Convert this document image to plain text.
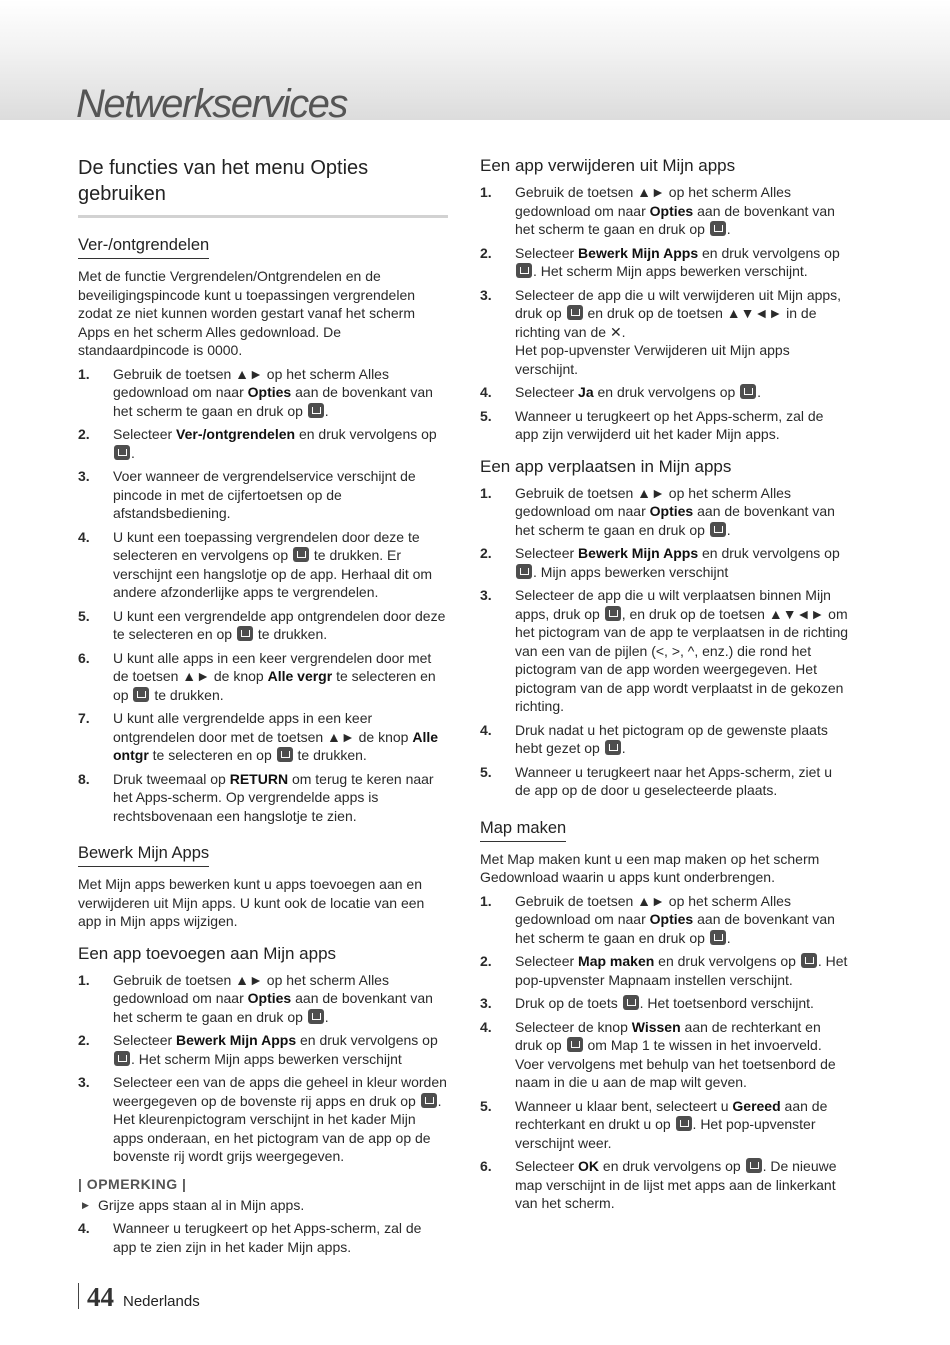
Netwerkservices
De functies van het menu Opties gebruiken
Ver-/ontgrendelen

Met de functie Vergrendelen/Ontgrendelen en de beveiligingspincode kunt u toepassingen vergrendelen zodat ze niet kunnen worden gestart vanaf het scherm Apps en het scherm Alles gedownload. De standaardpincode is 0000.

1. Gebruik de toetsen ▲► op het scherm Alles gedownload om naar Opties aan de bovenkant van het scherm te gaan en druk op .
2. Selecteer Ver-/ontgrendelen en druk vervolgens op .
3. Voer wanneer de vergrendelservice verschijnt de pincode in met de cijfertoetsen op de afstandsbediening.
4. U kunt een toepassing vergrendelen door deze te selecteren en vervolgens op  te drukken. Er verschijnt een hangslotje op de app. Herhaal dit om andere afzonderlijke apps te vergrendelen.
5. U kunt een vergrendelde app ontgrendelen door deze te selecteren en op  te drukken.
6. U kunt alle apps in een keer vergrendelen door met de toetsen ▲► de knop Alle vergr te selecteren en op  te drukken.
7. U kunt alle vergrendelde apps in een keer ontgrendelen door met de toetsen ▲► de knop Alle ontgr te selecteren en op  te drukken.
8. Druk tweemaal op RETURN om terug te keren naar het Apps-scherm. Op vergrendelde apps is rechtsbovenaan een hangslotje te zien.
Bewerk Mijn Apps

Met Mijn apps bewerken kunt u apps toevoegen aan en verwijderen uit Mijn apps. U kunt ook de locatie van een app in Mijn apps wijzigen.

Een app toevoegen aan Mijn apps
1. Gebruik de toetsen ▲► op het scherm Alles gedownload om naar Opties aan de bovenkant van het scherm te gaan en druk op .
2. Selecteer Bewerk Mijn Apps en druk vervolgens op . Het scherm Mijn apps bewerken verschijnt
3. Selecteer een van de apps die geheel in kleur worden weergegeven op de bovenste rij apps en druk op . Het kleurenpictogram verschijnt in het kader Mijn apps onderaan, en het pictogram van de app op de bovenste rij wordt grijs weergegeven.
| OPMERKING |
▶ Grijze apps staan al in Mijn apps.
4. Wanneer u terugkeert op het Apps-scherm, zal de app te zien zijn in het kader Mijn apps.
Een app verwijderen uit Mijn apps
1. Gebruik de toetsen ▲► op het scherm Alles gedownload om naar Opties aan de bovenkant van het scherm te gaan en druk op .
2. Selecteer Bewerk Mijn Apps en druk vervolgens op . Het scherm Mijn apps bewerken verschijnt.
3. Selecteer de app die u wilt verwijderen uit Mijn apps, druk op  en druk op de toetsen ▲▼◄► in de richting van de ✕.
Het pop-upvenster Verwijderen uit Mijn apps verschijnt.
4. Selecteer Ja en druk vervolgens op .
5. Wanneer u terugkeert op het Apps-scherm, zal de app zijn verwijderd uit het kader Mijn apps.
Een app verplaatsen in Mijn apps
1. Gebruik de toetsen ▲► op het scherm Alles gedownload om naar Opties aan de bovenkant van het scherm te gaan en druk op .
2. Selecteer Bewerk Mijn Apps en druk vervolgens op . Mijn apps bewerken verschijnt
3. Selecteer de app die u wilt verplaatsen binnen Mijn apps, druk op , en druk op de toetsen ▲▼◄► om het pictogram van de app te verplaatsen in de richting van een van de pijlen (<, >, ^, enz.) die rond het pictogram van de app worden weergegeven. Het pictogram van de app wordt verplaatst in de gekozen richting.
4. Druk nadat u het pictogram op de gewenste plaats hebt gezet op .
5. Wanneer u terugkeert naar het Apps-scherm, ziet u de app op de door u geselecteerde plaats.
Map maken

Met Map maken kunt u een map maken op het scherm Gedownload waarin u apps kunt onderbrengen.

1. Gebruik de toetsen ▲► op het scherm Alles gedownload om naar Opties aan de bovenkant van het scherm te gaan en druk op .
2. Selecteer Map maken en druk vervolgens op . Het pop-upvenster Mapnaam instellen verschijnt.
3. Druk op de toets . Het toetsenbord verschijnt.
4. Selecteer de knop Wissen aan de rechterkant en druk op  om Map 1 te wissen in het invoerveld. Voer vervolgens met behulp van het toetsenbord de naam in die u aan de map wilt geven.
5. Wanneer u klaar bent, selecteert u Gereed aan de rechterkant en drukt u op . Het pop-upvenster verschijnt weer.
6. Selecteer OK en druk vervolgens op . De nieuwe map verschijnt in de lijst met apps aan de linkerkant van het scherm.
44 Nederlands
